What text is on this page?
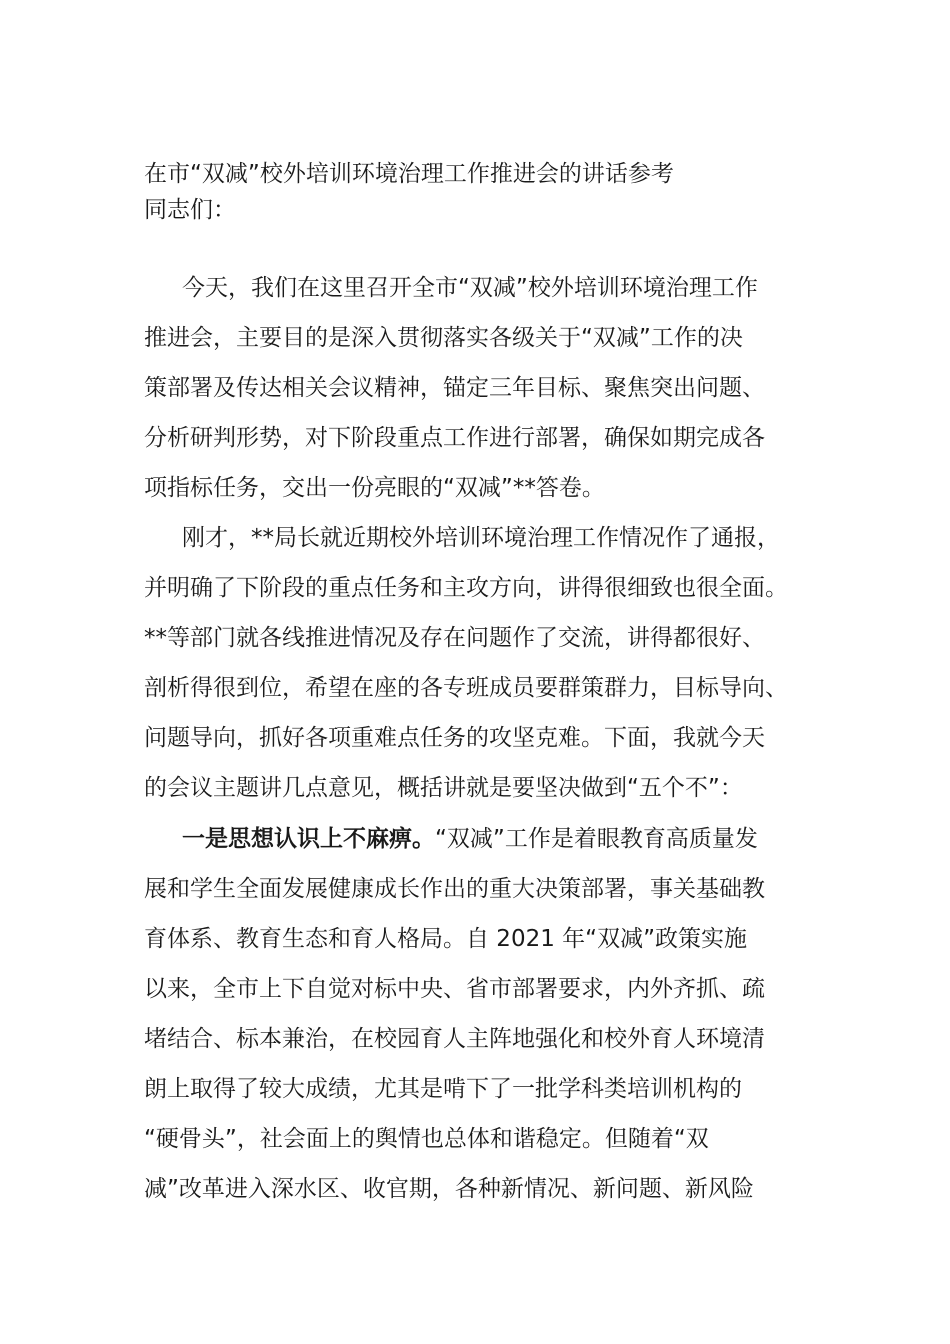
在市“双减”校外培训环境治理工作推进会的讲话参考
同志们：
今天，我们在这里召开全市“双减”校外培训环境治理工作
推进会，主要目的是深入贯彻落实各级关于“双减”工作的决
策部署及传达相关会议精神，锚定三年目标、聚焦突出问题、
分析研判形势，对下阶段重点工作进行部署，确保如期完成各
项指标任务，交出一份亮眼的“双减”**答卷。
刚才，**局长就近期校外培训环境治理工作情况作了通报，
并明确了下阶段的重点任务和主攻方向，讲得很细致也很全面。
**等部门就各线推进情况及存在问题作了交流，讲得都很好、
剖析得很到位，希望在座的各专班成员要群策群力，目标导向、
问题导向，抓好各项重难点任务的攻坚克难。下面，我就今天
的会议主题讲几点意见，概括讲就是要坚决做到“五个不”：
一是思想认识上不麻痹。“双减”工作是着眼教育高质量发
展和学生全面发展健康成长作出的重大决策部署，事关基础教
育体系、教育生态和育人格局。自 2021 年“双减”政策实施
以来，全市上下自觉对标中央、省市部署要求，内外齐抓、疏
堵结合、标本兼治，在校园育人主阵地强化和校外育人环境清
朗上取得了较大成绩，尤其是啃下了一批学科类培训机构的
“硬骨头”，社会面上的舆情也总体和谐稳定。但随着“双
减”改革进入深水区、收官期，各种新情况、新问题、新风险
